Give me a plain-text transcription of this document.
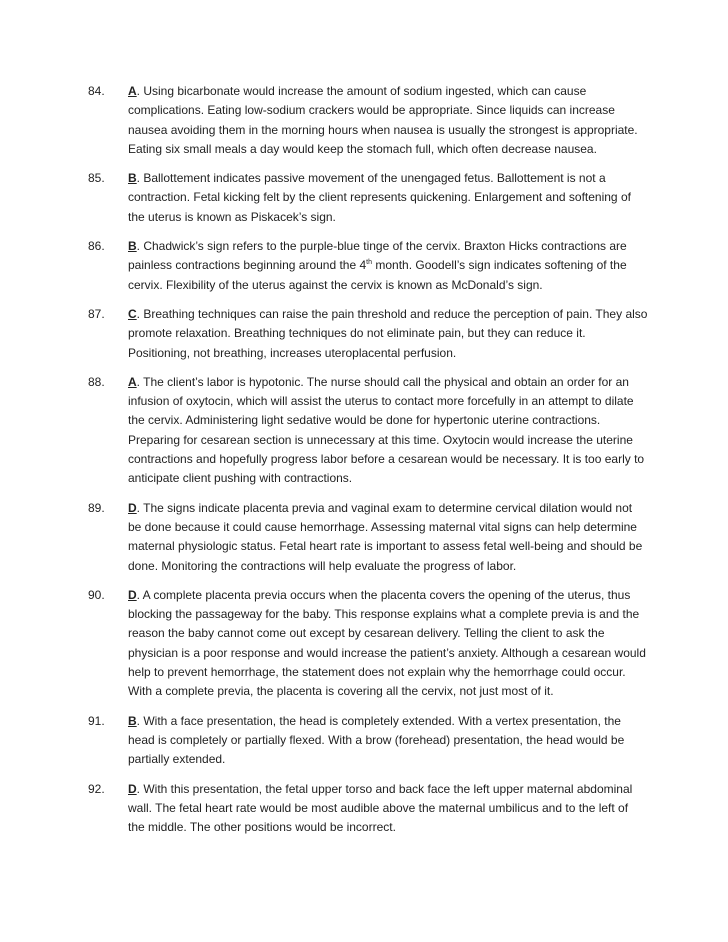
84.	A. Using bicarbonate would increase the amount of sodium ingested, which can cause complications. Eating low-sodium crackers would be appropriate. Since liquids can increase nausea avoiding them in the morning hours when nausea is usually the strongest is appropriate. Eating six small meals a day would keep the stomach full, which often decrease nausea.
85.	B. Ballottement indicates passive movement of the unengaged fetus. Ballottement is not a contraction. Fetal kicking felt by the client represents quickening. Enlargement and softening of the uterus is known as Piskacek’s sign.
86.	B. Chadwick’s sign refers to the purple-blue tinge of the cervix. Braxton Hicks contractions are painless contractions beginning around the 4th month. Goodell’s sign indicates softening of the cervix. Flexibility of the uterus against the cervix is known as McDonald’s sign.
87.	C. Breathing techniques can raise the pain threshold and reduce the perception of pain. They also promote relaxation. Breathing techniques do not eliminate pain, but they can reduce it. Positioning, not breathing, increases uteroplacental perfusion.
88.	A. The client’s labor is hypotonic. The nurse should call the physical and obtain an order for an infusion of oxytocin, which will assist the uterus to contact more forcefully in an attempt to dilate the cervix. Administering light sedative would be done for hypertonic uterine contractions. Preparing for cesarean section is unnecessary at this time. Oxytocin would increase the uterine contractions and hopefully progress labor before a cesarean would be necessary. It is too early to anticipate client pushing with contractions.
89.	D. The signs indicate placenta previa and vaginal exam to determine cervical dilation would not be done because it could cause hemorrhage. Assessing maternal vital signs can help determine maternal physiologic status. Fetal heart rate is important to assess fetal well-being and should be done. Monitoring the contractions will help evaluate the progress of labor.
90.	D. A complete placenta previa occurs when the placenta covers the opening of the uterus, thus blocking the passageway for the baby. This response explains what a complete previa is and the reason the baby cannot come out except by cesarean delivery. Telling the client to ask the physician is a poor response and would increase the patient’s anxiety. Although a cesarean would help to prevent hemorrhage, the statement does not explain why the hemorrhage could occur. With a complete previa, the placenta is covering all the cervix, not just most of it.
91.	B. With a face presentation, the head is completely extended. With a vertex presentation, the head is completely or partially flexed. With a brow (forehead) presentation, the head would be partially extended.
92.	D. With this presentation, the fetal upper torso and back face the left upper maternal abdominal wall. The fetal heart rate would be most audible above the maternal umbilicus and to the left of the middle. The other positions would be incorrect.
